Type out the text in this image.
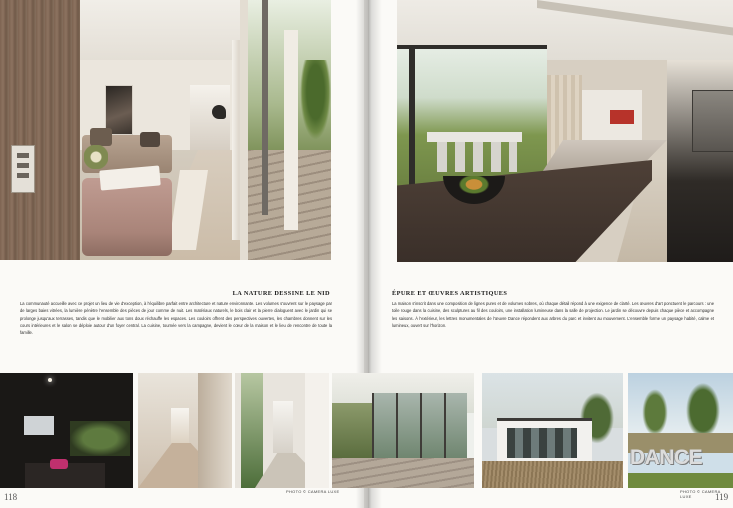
LA NATURE DESSINE LE NID
La communauté accueille avec ce projet un lieu de vie d'exception, à l'équilibre parfait entre architecture et nature environnante. Les volumes s'ouvrent sur le paysage par de larges baies vitrées, la lumière pénètre l'ensemble des pièces de jour comme de nuit. Les matériaux naturels, le bois clair et la pierre dialoguent avec le jardin qui se prolonge jusqu'aux terrasses, tandis que le mobilier aux tons doux réchauffe les espaces. Les couloirs offrent des perspectives ouvertes, les chambres donnent sur les cours intérieures et le salon se déploie autour d'un foyer central. La cuisine, tournée vers la campagne, devient le cœur de la maison et le lieu de rencontre de toute la famille.
118
ÉPURE ET ŒUVRES ARTISTIQUES
La maison s'inscrit dans une composition de lignes pures et de volumes sobres, où chaque détail répond à une exigence de clarté. Les œuvres d'art ponctuent le parcours : une toile rouge dans la cuisine, des sculptures au fil des couloirs, une installation lumineuse dans la salle de projection. Le jardin se découvre depuis chaque pièce et accompagne les saisons. À l'extérieur, les lettres monumentales de l'œuvre Dance répondent aux arbres du parc et invitent au mouvement. L'ensemble forme un paysage habité, calme et lumineux, ouvert sur l'horizon.
DANCE
PHOTO © CAMERA LUXE	PHOTO © CAMERA LUXE	119
